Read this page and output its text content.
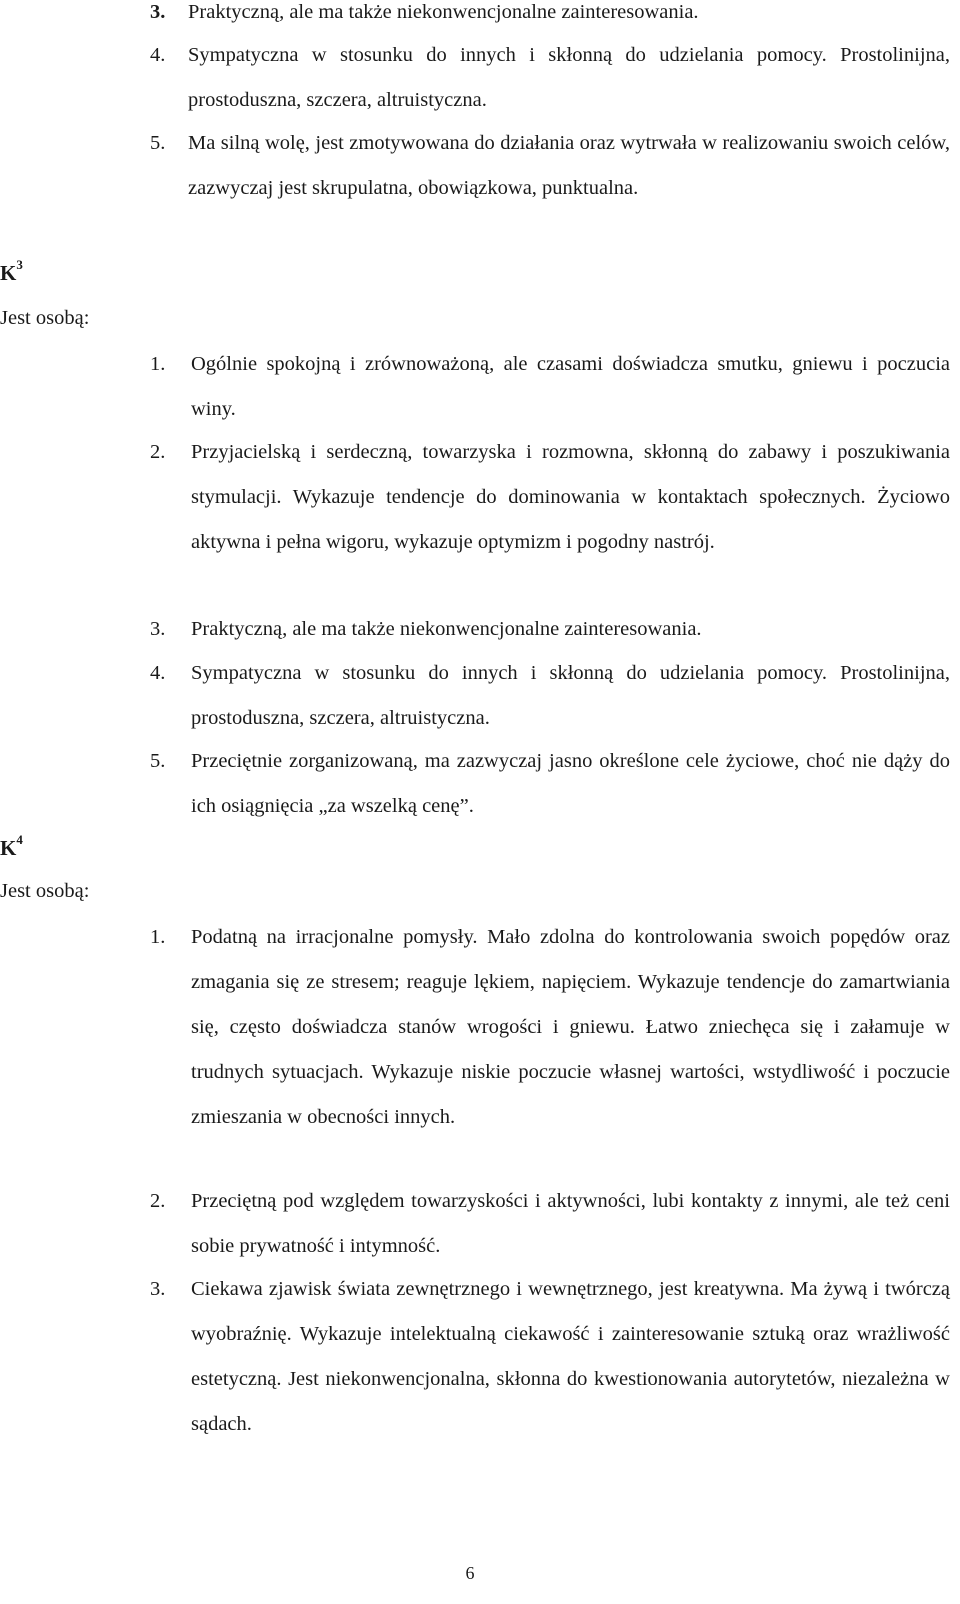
3. Praktyczną, ale ma także niekonwencjonalne zainteresowania.
4. Sympatyczna w stosunku do innych i skłonną do udzielania pomocy. Prostolinijna, prostoduszna, szczera, altruistyczna.
5. Ma silną wolę, jest zmotywowana do działania oraz wytrwała w realizowaniu swoich celów, zazwyczaj jest skrupulatna, obowiązkowa, punktualna.
$K^3$
Jest osobą:
1. Ogólnie spokojną i zrównoważoną, ale czasami doświadcza smutku, gniewu i poczucia winy.
2. Przyjacielską i serdeczną, towarzyska i rozmowna, skłonną do zabawy i poszukiwania stymulacji. Wykazuje tendencje do dominowania w kontaktach społecznych. Życiowo aktywna i pełna wigoru, wykazuje optymizm i pogodny nastrój.
3. Praktyczną, ale ma także niekonwencjonalne zainteresowania.
4. Sympatyczna w stosunku do innych i skłonną do udzielania pomocy. Prostolinijna, prostoduszna, szczera, altruistyczna.
5. Przeciętnie zorganizowaną, ma zazwyczaj jasno określone cele życiowe, choć nie dąży do ich osiągnięcia „za wszelką cenę”.
$K^4$
Jest osobą:
1. Podatną na irracjonalne pomysły. Mało zdolna do kontrolowania swoich popędów oraz zmagania się ze stresem; reaguje lękiem, napięciem. Wykazuje tendencje do zamartwiania się, często doświadcza stanów wrogości i gniewu. Łatwo zniechęca się i załamuje w trudnych sytuacjach. Wykazuje niskie poczucie własnej wartości, wstydliwość i poczucie zmieszania w obecności innych.
2. Przeciętną pod względem towarzyskości i aktywności, lubi kontakty z innymi, ale też ceni sobie prywatność i intymność.
3. Ciekawa zjawisk świata zewnętrznego i wewnętrznego, jest kreatywna. Ma żywą i twórczą wyobraźnię. Wykazuje intelektualną ciekawość i zainteresowanie sztuką oraz wrażliwość estetyczną. Jest niekonwencjonalna, skłonna do kwestionowania autorytetów, niezależna w sądach.
6
